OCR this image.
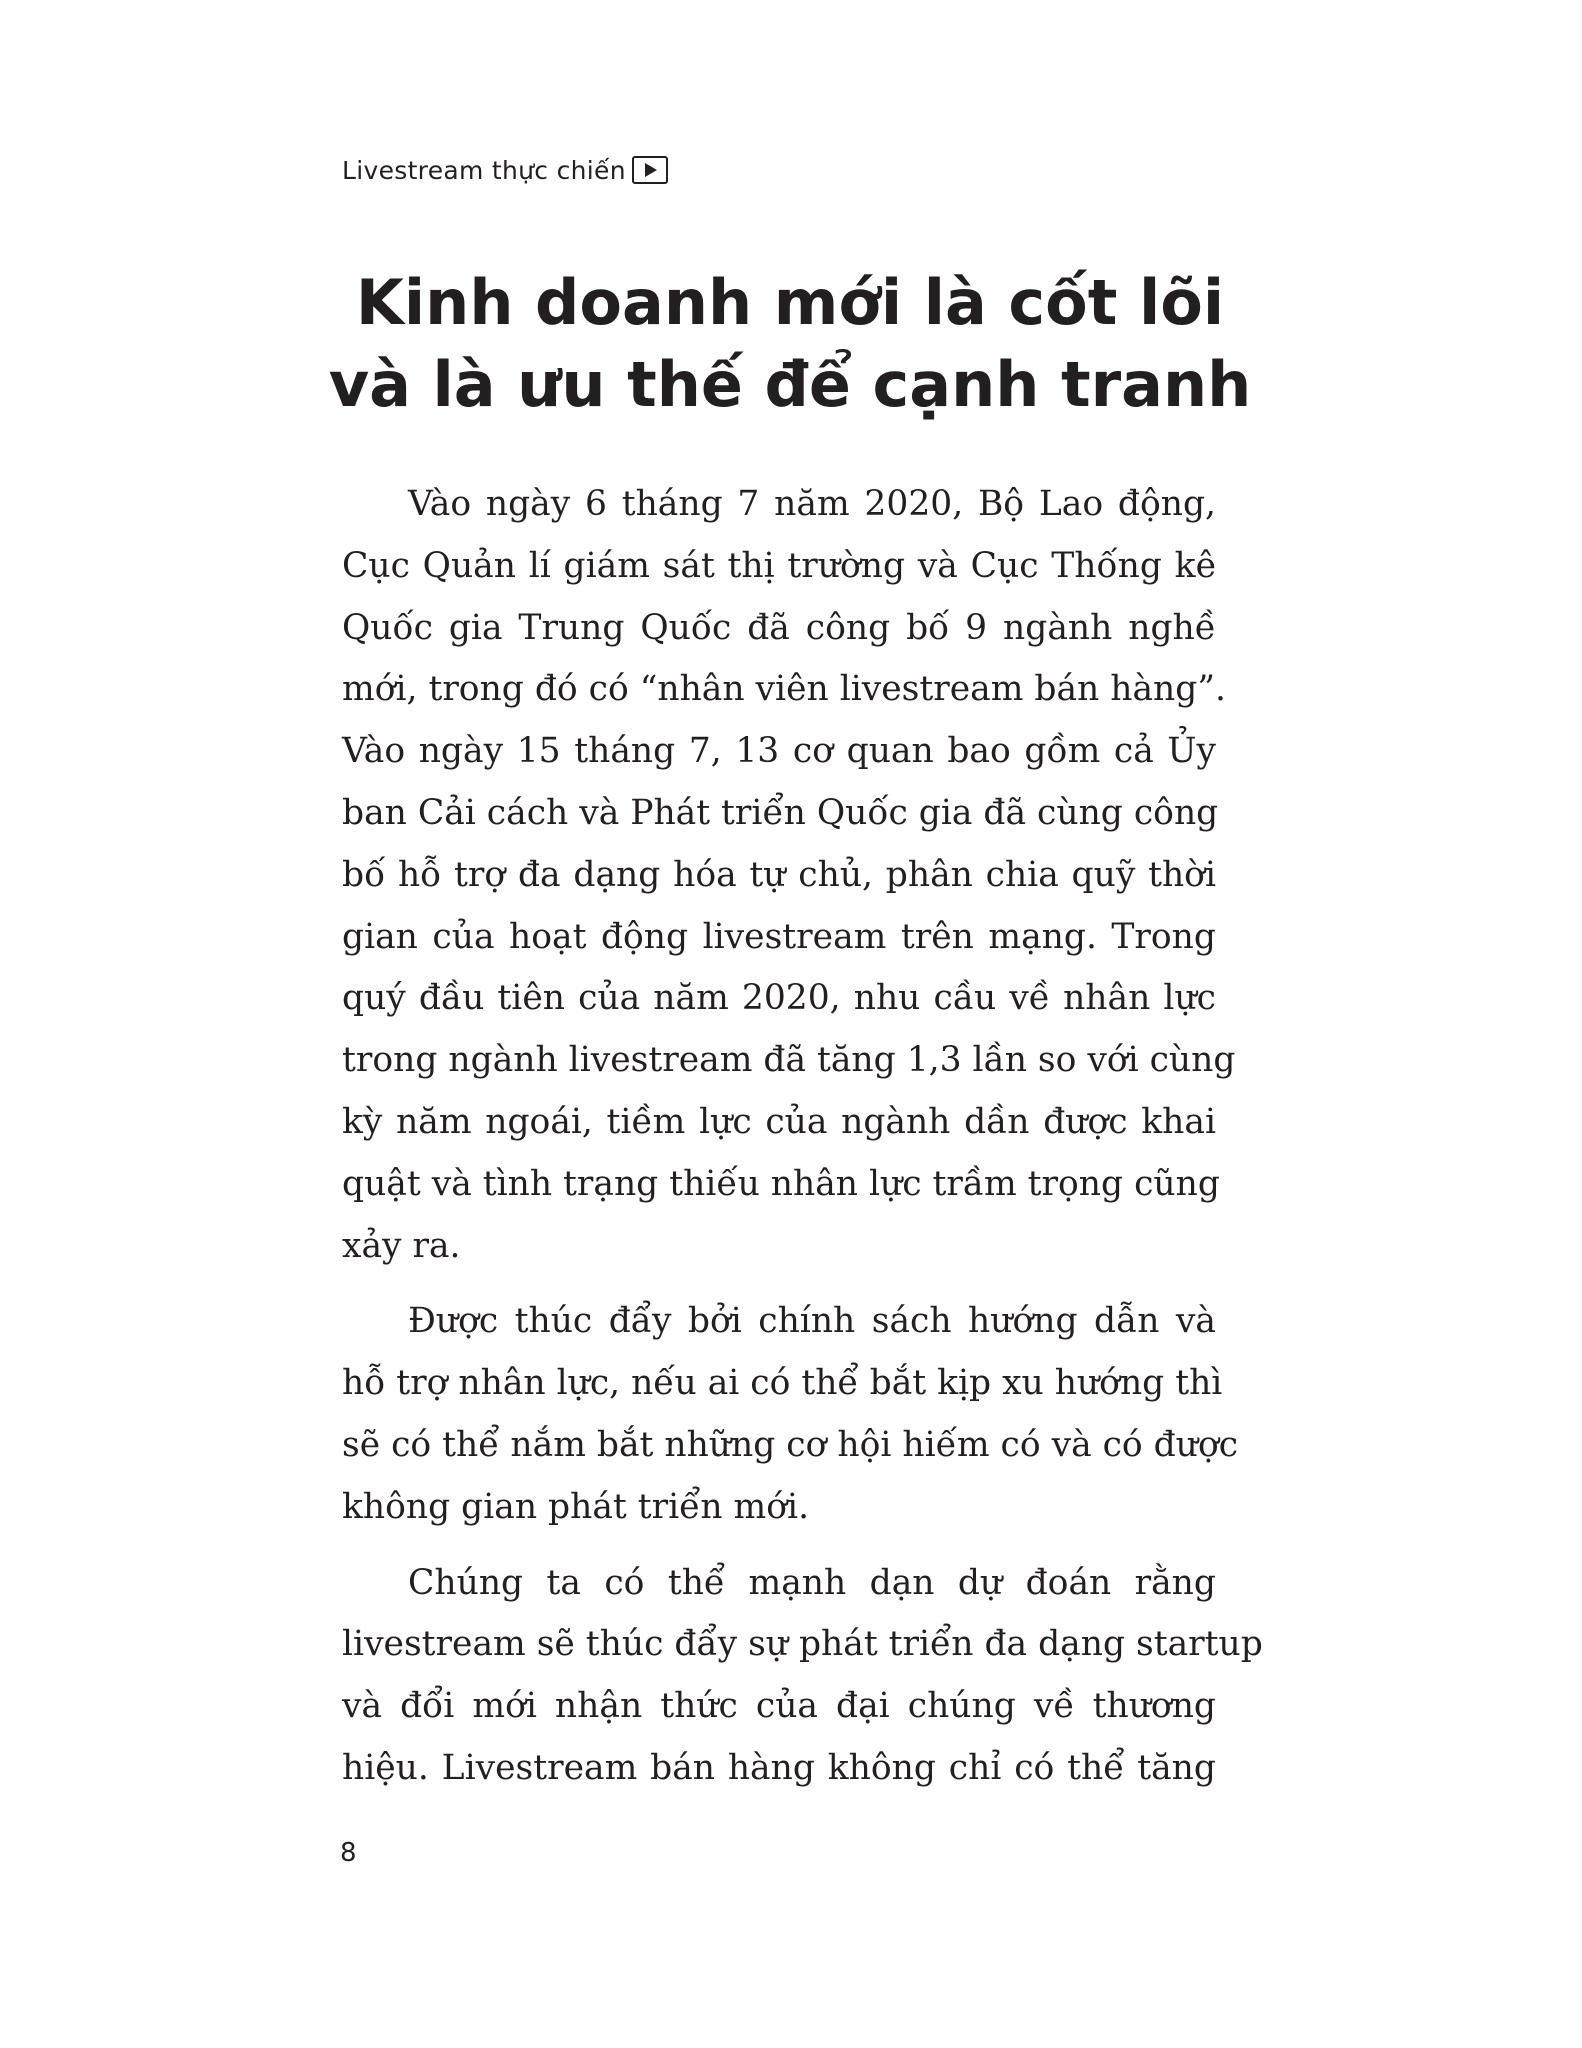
Livestream thực chiến
Kinh doanh mới là cốt lõi
và là ưu thế để cạnh tranh
Vào ngày 6 tháng 7 năm 2020, Bộ Lao động,
Cục Quản lí giám sát thị trường và Cục Thống kê
Quốc gia Trung Quốc đã công bố 9 ngành nghề
mới, trong đó có “nhân viên livestream bán hàng”.
Vào ngày 15 tháng 7, 13 cơ quan bao gồm cả Ủy
ban Cải cách và Phát triển Quốc gia đã cùng công
bố hỗ trợ đa dạng hóa tự chủ, phân chia quỹ thời
gian của hoạt động livestream trên mạng. Trong
quý đầu tiên của năm 2020, nhu cầu về nhân lực
trong ngành livestream đã tăng 1,3 lần so với cùng
kỳ năm ngoái, tiềm lực của ngành dần được khai
quật và tình trạng thiếu nhân lực trầm trọng cũng
xảy ra.
Được thúc đẩy bởi chính sách hướng dẫn và
hỗ trợ nhân lực, nếu ai có thể bắt kịp xu hướng thì
sẽ có thể nắm bắt những cơ hội hiếm có và có được
không gian phát triển mới.
Chúng ta có thể mạnh dạn dự đoán rằng
livestream sẽ thúc đẩy sự phát triển đa dạng startup
và đổi mới nhận thức của đại chúng về thương
hiệu. Livestream bán hàng không chỉ có thể tăng
8
